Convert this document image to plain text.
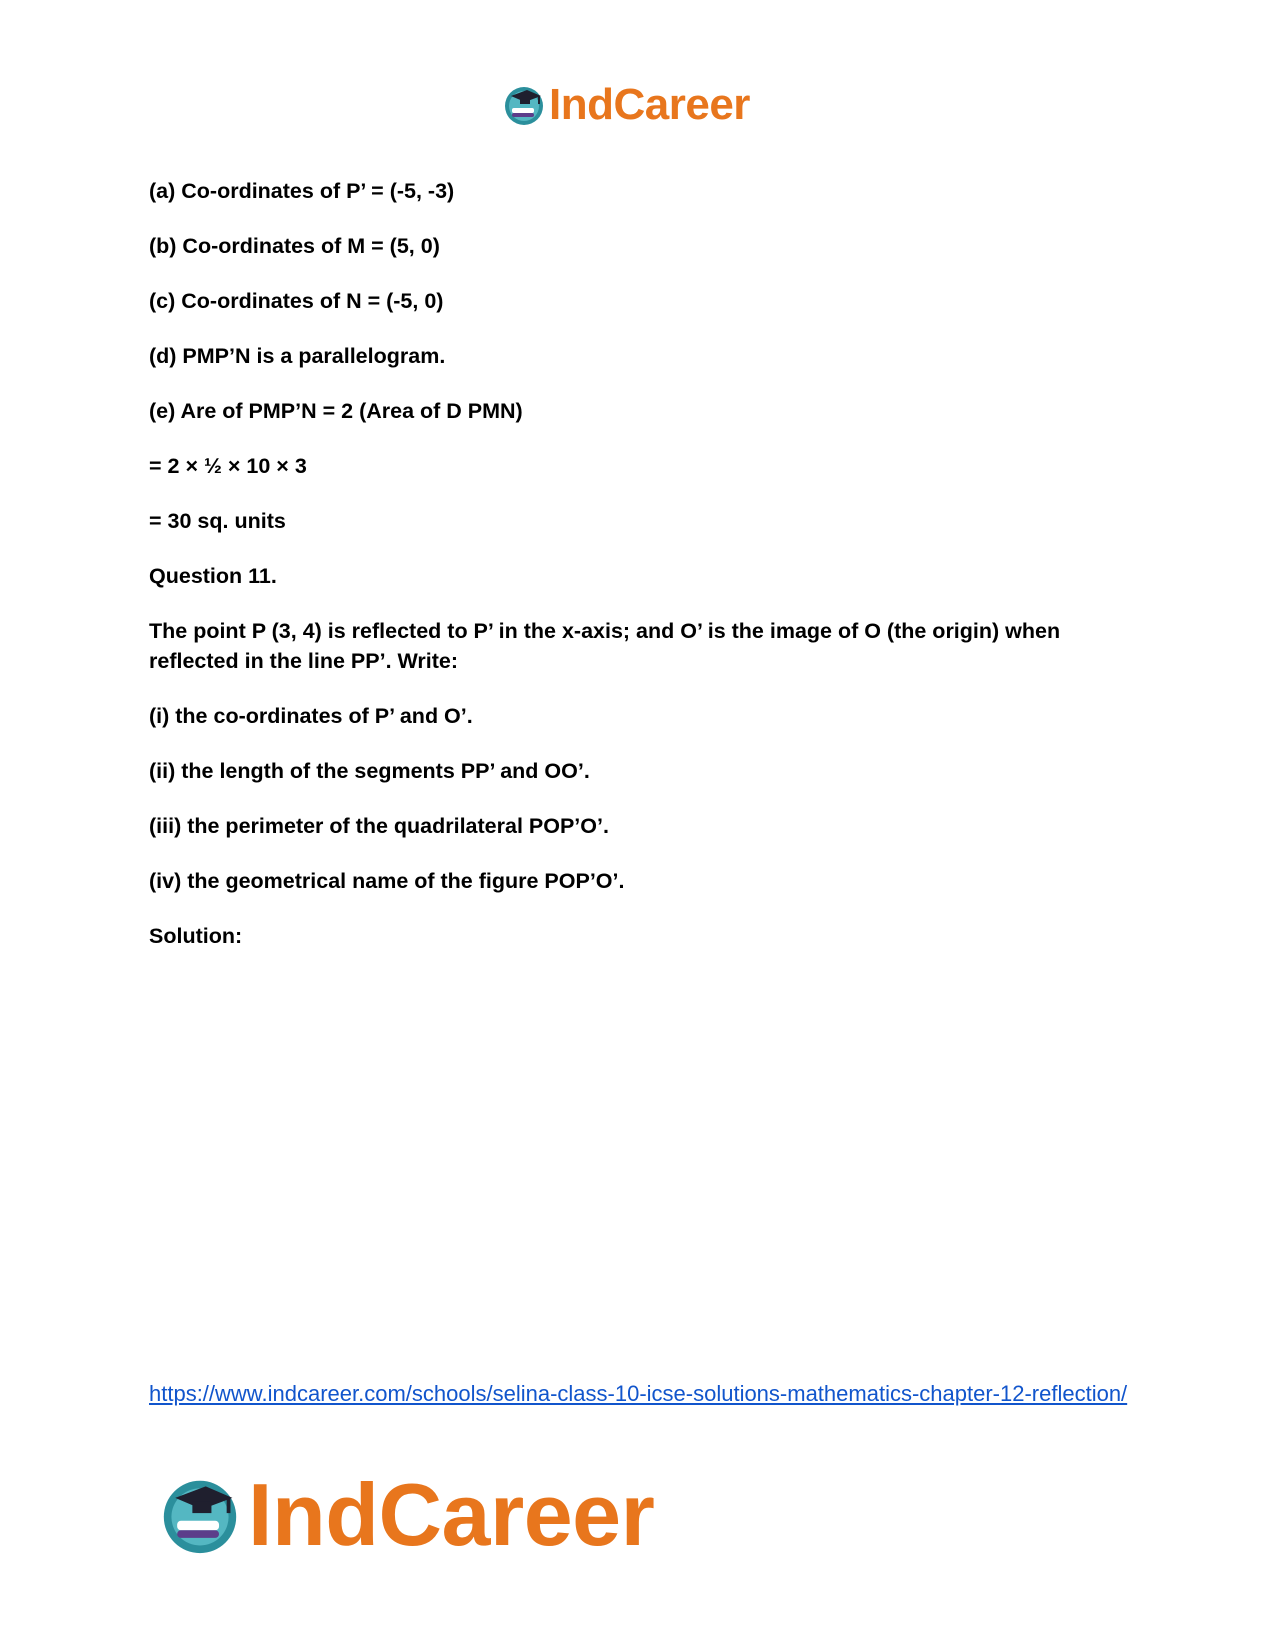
IndCareer

(a) Co-ordinates of P’ = (-5, -3)

(b) Co-ordinates of M = (5, 0)

(c) Co-ordinates of N = (-5, 0)

(d) PMP’N is a parallelogram.

(e) Are of PMP’N = 2 (Area of D PMN)

= 2 × ½ × 10 × 3

= 30 sq. units

Question 11.

The point P (3, 4) is reflected to P’ in the x-axis; and O’ is the image of O (the origin) when reflected in the line PP’. Write:

(i) the co-ordinates of P’ and O’.

(ii) the length of the segments PP’ and OO’.

(iii) the perimeter of the quadrilateral POP’O’.

(iv) the geometrical name of the figure POP’O’.

Solution:

https://www.indcareer.com/schools/selina-class-10-icse-solutions-mathematics-chapter-12-reflection/
IndCareer
